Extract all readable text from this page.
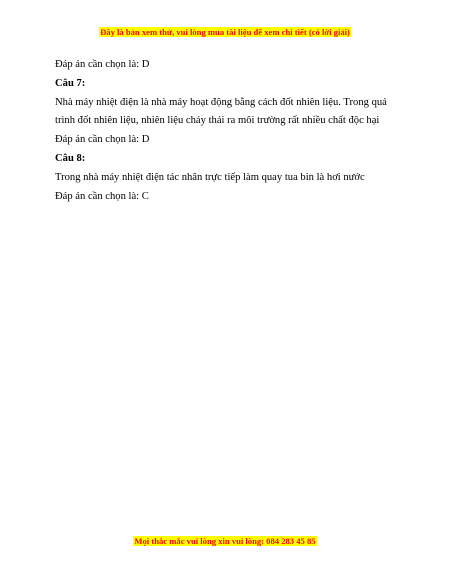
Đây là bản xem thử, vui lòng mua tài liệu để xem chi tiết (có lời giải)
Đáp án cần chọn là: D
Câu 7:
Nhà máy nhiệt điện là nhà máy hoạt động bằng cách đốt nhiên liệu. Trong quá
trình đốt nhiên liệu, nhiên liệu cháy thải ra môi trường rất nhiều chất độc hại
Đáp án cần chọn là: D
Câu 8:
Trong nhà máy nhiệt điện tác nhân trực tiếp làm quay tua bin là hơi nước
Đáp án cần chọn là: C
Mọi thắc mắc vui lòng xin vui lòng: 084 283 45 85
